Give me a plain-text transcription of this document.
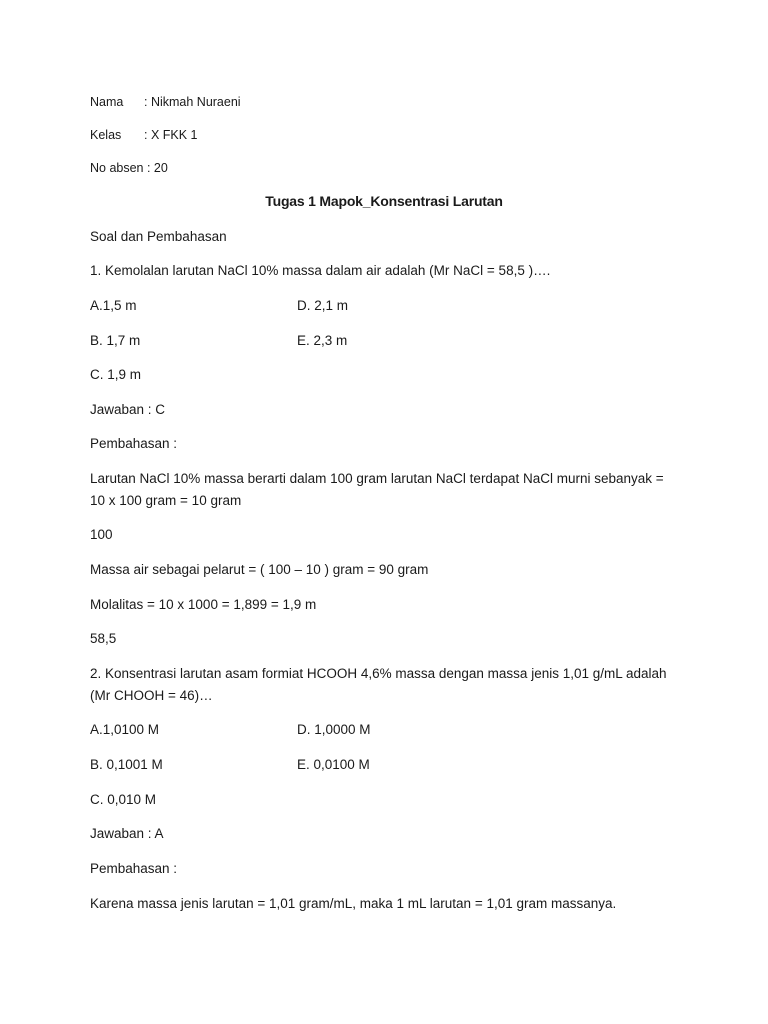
Nama : Nikmah Nuraeni
Kelas : X FKK 1
No absen : 20
Tugas 1 Mapok_Konsentrasi Larutan
Soal dan Pembahasan
1. Kemolalan larutan NaCl 10% massa dalam air adalah (Mr NaCl = 58,5 )….
A.1,5 m	D. 2,1 m
B. 1,7 m	E. 2,3 m
C. 1,9 m
Jawaban : C
Pembahasan :
Larutan NaCl 10% massa berarti dalam 100 gram larutan NaCl terdapat NaCl murni sebanyak =
10 x 100 gram = 10 gram
100
Massa air sebagai pelarut = ( 100 – 10 ) gram = 90 gram
Molalitas = 10 x 1000 = 1,899 = 1,9 m
58,5
2. Konsentrasi larutan asam formiat HCOOH 4,6% massa dengan massa jenis 1,01 g/mL adalah
(Mr CHOOH = 46)…
A.1,0100 M	D. 1,0000 M
B. 0,1001 M	E. 0,0100 M
C. 0,010 M
Jawaban : A
Pembahasan :
Karena massa jenis larutan = 1,01 gram/mL, maka 1 mL larutan = 1,01 gram massanya.
